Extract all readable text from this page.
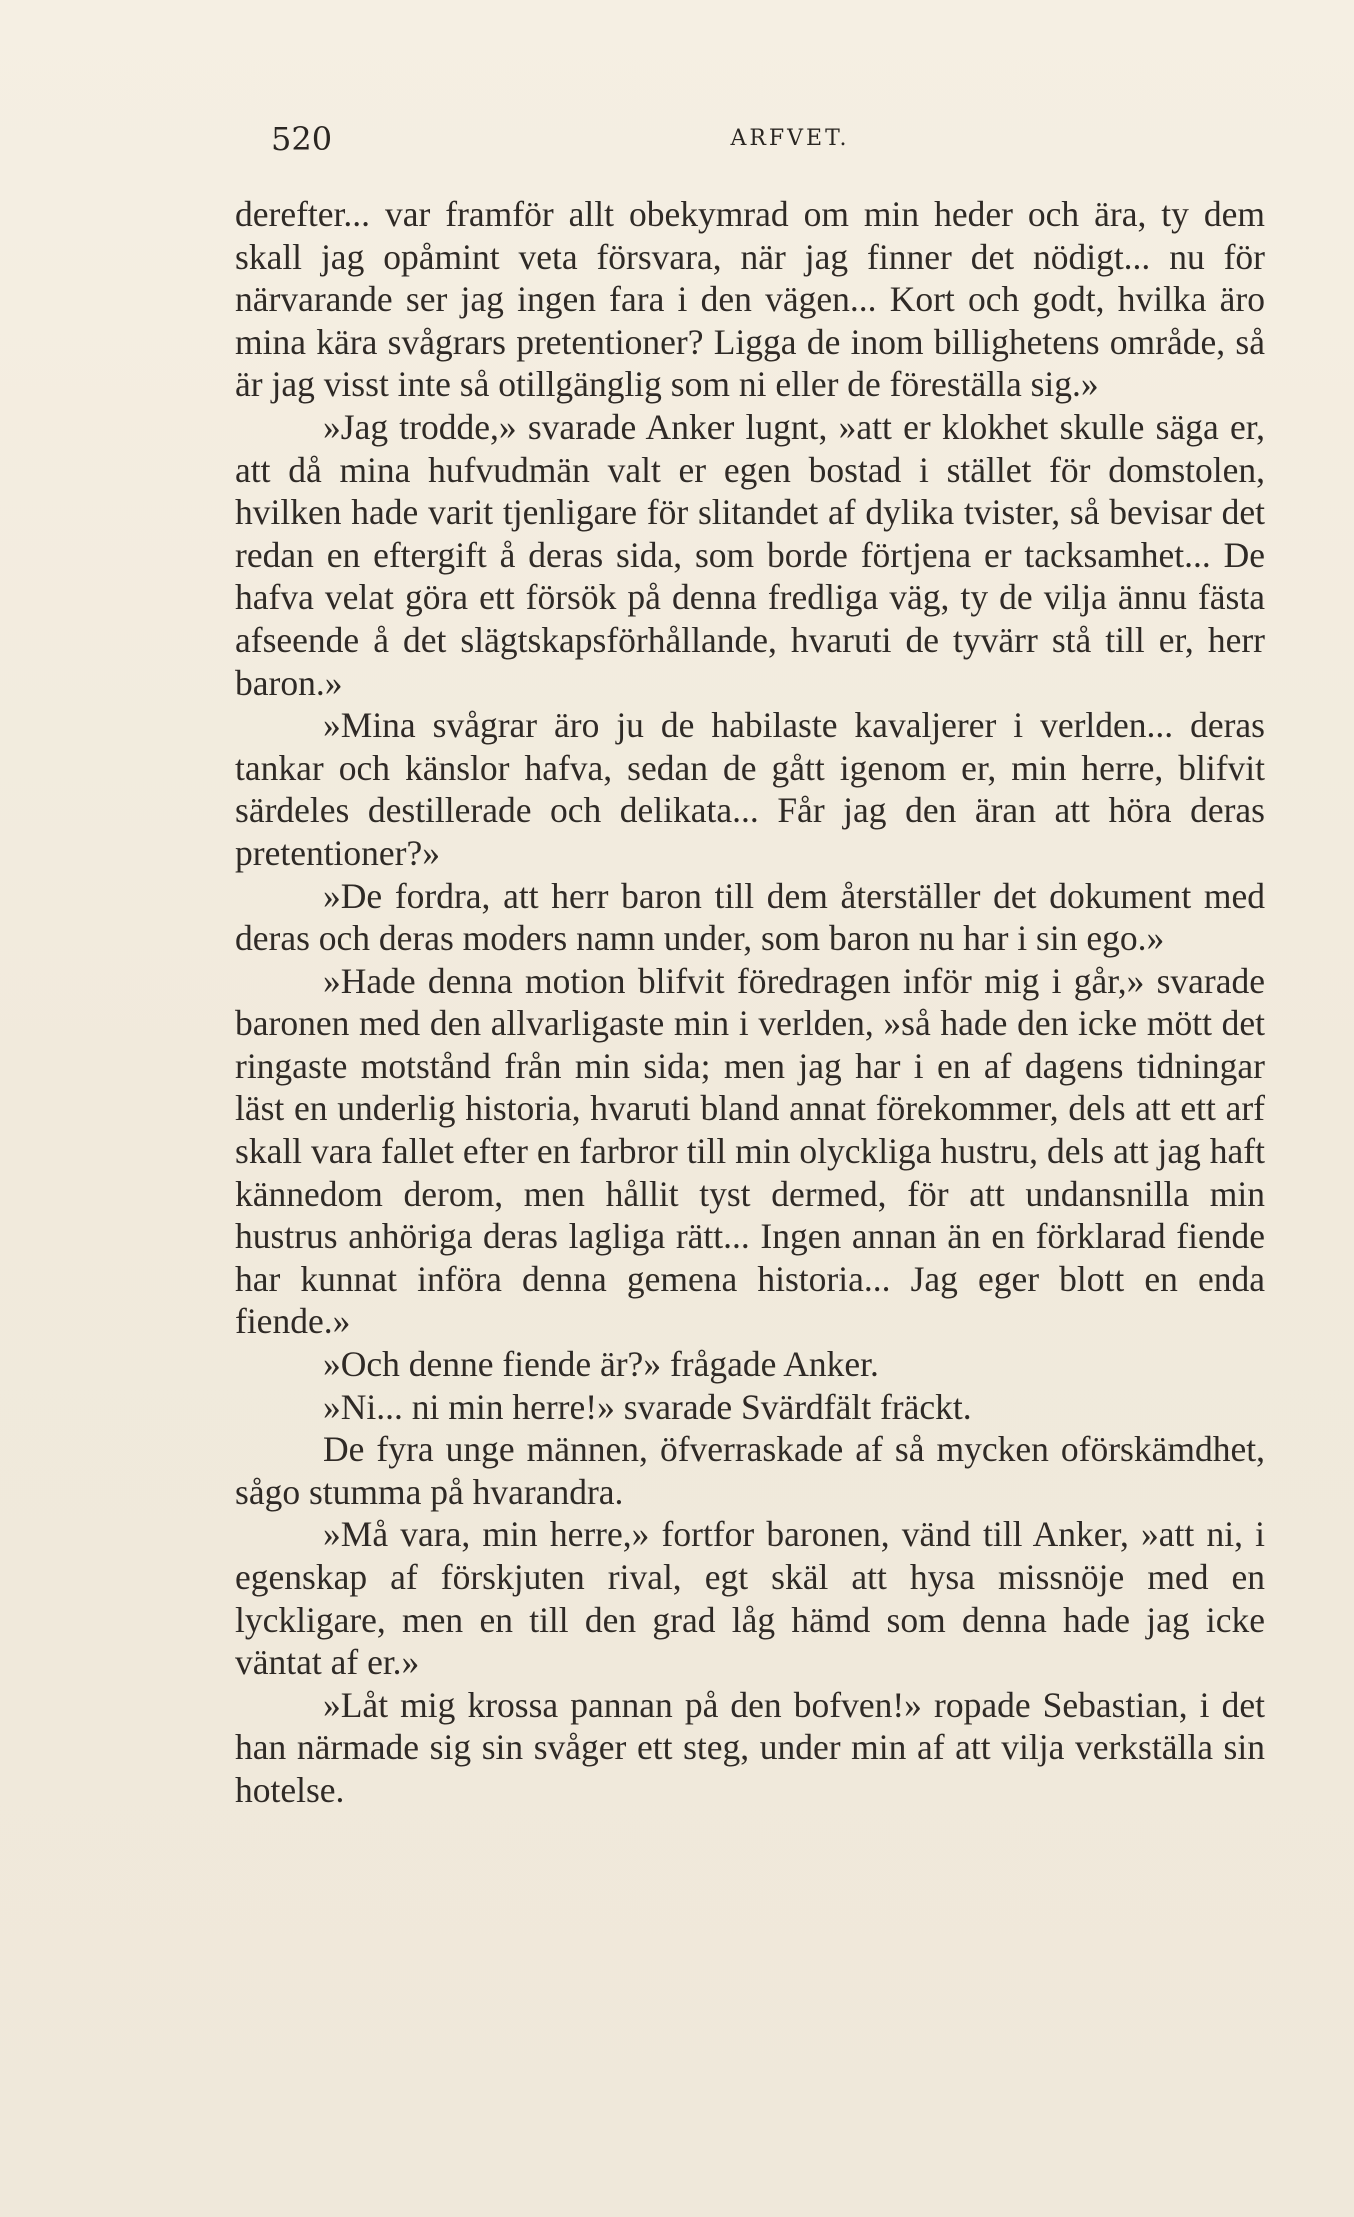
520	ARFVET.

derefter... var framför allt obekymrad om min heder och ära, ty dem skall jag opåmint veta försvara, när jag finner det nödigt... nu för närvarande ser jag ingen fara i den vägen... Kort och godt, hvilka äro mina kära svågrars pretentioner? Ligga de inom billighetens område, så är jag visst inte så otillgänglig som ni eller de föreställa sig.»

»Jag trodde,» svarade Anker lugnt, »att er klokhet skulle säga er, att då mina hufvudmän valt er egen bostad i stället för domstolen, hvilken hade varit tjenligare för slitandet af dylika tvister, så bevisar det redan en eftergift å deras sida, som borde förtjena er tacksamhet... De hafva velat göra ett försök på denna fredliga väg, ty de vilja ännu fästa afseende å det slägtskapsförhållande, hvaruti de tyvärr stå till er, herr baron.»

»Mina svågrar äro ju de habilaste kavaljerer i verlden... deras tankar och känslor hafva, sedan de gått igenom er, min herre, blifvit särdeles destillerade och delikata... Får jag den äran att höra deras pretentioner?»

»De fordra, att herr baron till dem återställer det dokument med deras och deras moders namn under, som baron nu har i sin ego.»

»Hade denna motion blifvit föredragen inför mig i går,» svarade baronen med den allvarligaste min i verlden, »så hade den icke mött det ringaste motstånd från min sida; men jag har i en af dagens tidningar läst en underlig historia, hvaruti bland annat förekommer, dels att ett arf skall vara fallet efter en farbror till min olyckliga hustru, dels att jag haft kännedom derom, men hållit tyst dermed, för att undansnilla min hustrus anhöriga deras lagliga rätt... Ingen annan än en förklarad fiende har kunnat införa denna gemena historia... Jag eger blott en enda fiende.»

»Och denne fiende är?» frågade Anker.

»Ni... ni min herre!» svarade Svärdfält fräckt.

De fyra unge männen, öfverraskade af så mycken oförskämdhet, sågo stumma på hvarandra.

»Må vara, min herre,» fortfor baronen, vänd till Anker, »att ni, i egenskap af förskjuten rival, egt skäl att hysa missnöje med en lyckligare, men en till den grad låg hämd som denna hade jag icke väntat af er.»

»Låt mig krossa pannan på den bofven!» ropade Sebastian, i det han närmade sig sin svåger ett steg, under min af att vilja verkställa sin hotelse.
